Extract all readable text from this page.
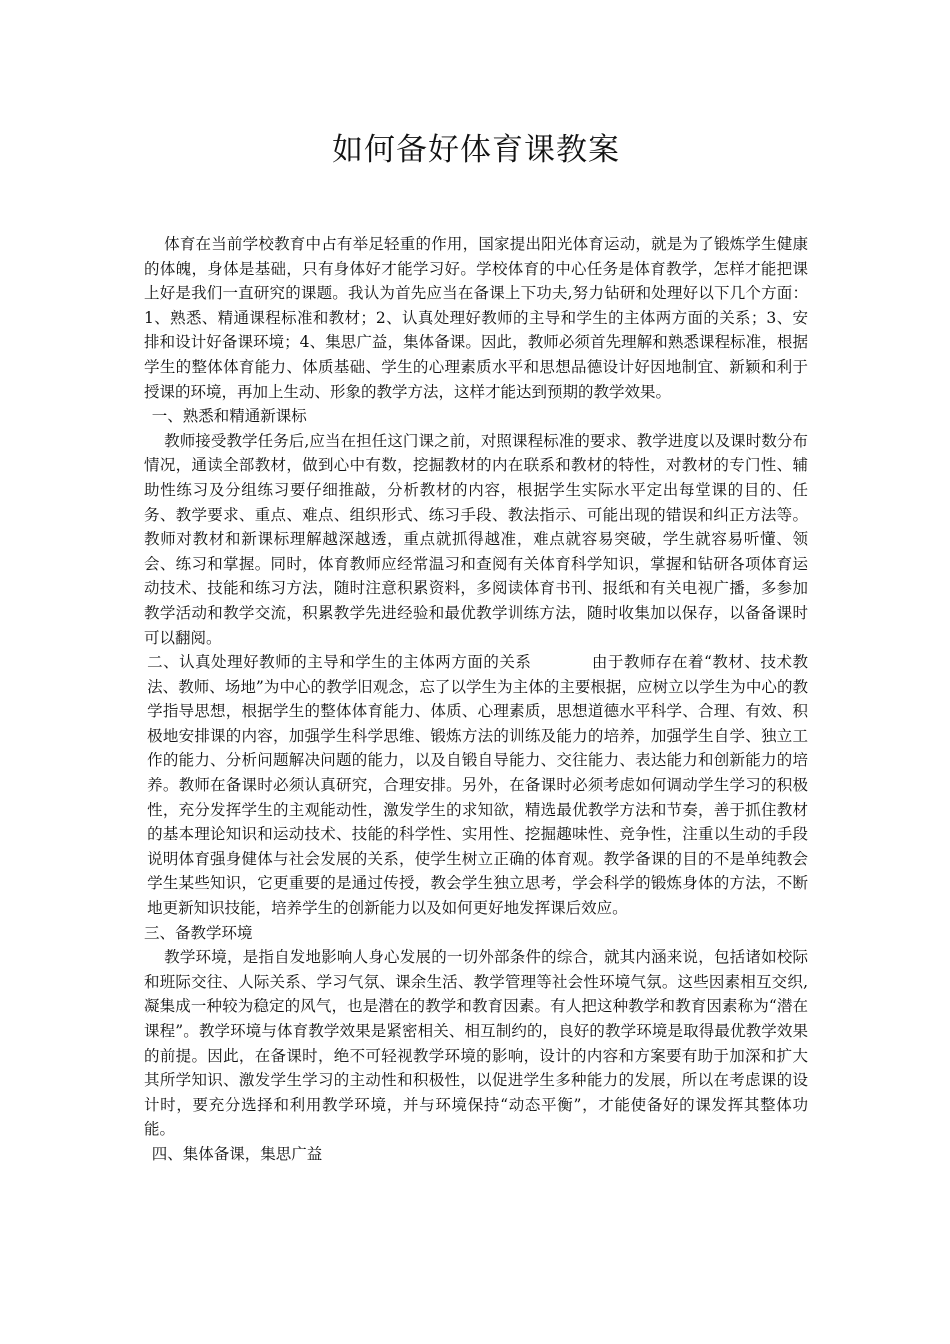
如何备好体育课教案

体育在当前学校教育中占有举足轻重的作用，国家提出阳光体育运动，就是为了锻炼学生健康的体魄，身体是基础，只有身体好才能学习好。学校体育的中心任务是体育教学，怎样才能把课上好是我们一直研究的课题。我认为首先应当在备课上下功夫,努力钻研和处理好以下几个方面：1、熟悉、精通课程标准和教材；2、认真处理好教师的主导和学生的主体两方面的关系；3、安排和设计好备课环境；4、集思广益，集体备课。因此，教师必须首先理解和熟悉课程标准，根据学生的整体体育能力、体质基础、学生的心理素质水平和思想品德设计好因地制宜、新颖和利于授课的环境，再加上生动、形象的教学方法，这样才能达到预期的教学效果。

一、熟悉和精通新课标

教师接受教学任务后,应当在担任这门课之前，对照课程标准的要求、教学进度以及课时数分布情况，通读全部教材，做到心中有数，挖掘教材的内在联系和教材的特性，对教材的专门性、辅助性练习及分组练习要仔细推敲，分析教材的内容，根据学生实际水平定出每堂课的目的、任务、教学要求、重点、难点、组织形式、练习手段、教法指示、可能出现的错误和纠正方法等。教师对教材和新课标理解越深越透，重点就抓得越准，难点就容易突破，学生就容易听懂、领会、练习和掌握。同时，体育教师应经常温习和查阅有关体育科学知识，掌握和钻研各项体育运动技术、技能和练习方法，随时注意积累资料，多阅读体育书刊、报纸和有关电视广播，多参加教学活动和教学交流，积累教学先进经验和最优教学训练方法，随时收集加以保存，以备备课时可以翻阅。

二、认真处理好教师的主导和学生的主体两方面的关系	由于教师存在着“教材、技术教法、教师、场地”为中心的教学旧观念，忘了以学生为主体的主要根据，应树立以学生为中心的教学指导思想，根据学生的整体体育能力、体质、心理素质，思想道德水平科学、合理、有效、积极地安排课的内容，加强学生科学思维、锻炼方法的训练及能力的培养，加强学生自学、独立工作的能力、分析问题解决问题的能力，以及自锻自导能力、交往能力、表达能力和创新能力的培养。教师在备课时必须认真研究，合理安排。另外，在备课时必须考虑如何调动学生学习的积极性，充分发挥学生的主观能动性，激发学生的求知欲，精选最优教学方法和节奏，善于抓住教材的基本理论知识和运动技术、技能的科学性、实用性、挖掘趣味性、竞争性，注重以生动的手段说明体育强身健体与社会发展的关系，使学生树立正确的体育观。教学备课的目的不是单纯教会学生某些知识，它更重要的是通过传授，教会学生独立思考，学会科学的锻炼身体的方法，不断地更新知识技能，培养学生的创新能力以及如何更好地发挥课后效应。

三、备教学环境

教学环境，是指自发地影响人身心发展的一切外部条件的综合，就其内涵来说，包括诸如校际和班际交往、人际关系、学习气氛、课余生活、教学管理等社会性环境气氛。这些因素相互交织,凝集成一种较为稳定的风气，也是潜在的教学和教育因素。有人把这种教学和教育因素称为“潜在课程”。教学环境与体育教学效果是紧密相关、相互制约的，良好的教学环境是取得最优教学效果的前提。因此，在备课时，绝不可轻视教学环境的影响，设计的内容和方案要有助于加深和扩大其所学知识、激发学生学习的主动性和积极性，以促进学生多种能力的发展，所以在考虑课的设计时，要充分选择和利用教学环境，并与环境保持“动态平衡”，才能使备好的课发挥其整体功能。

四、集体备课，集思广益
